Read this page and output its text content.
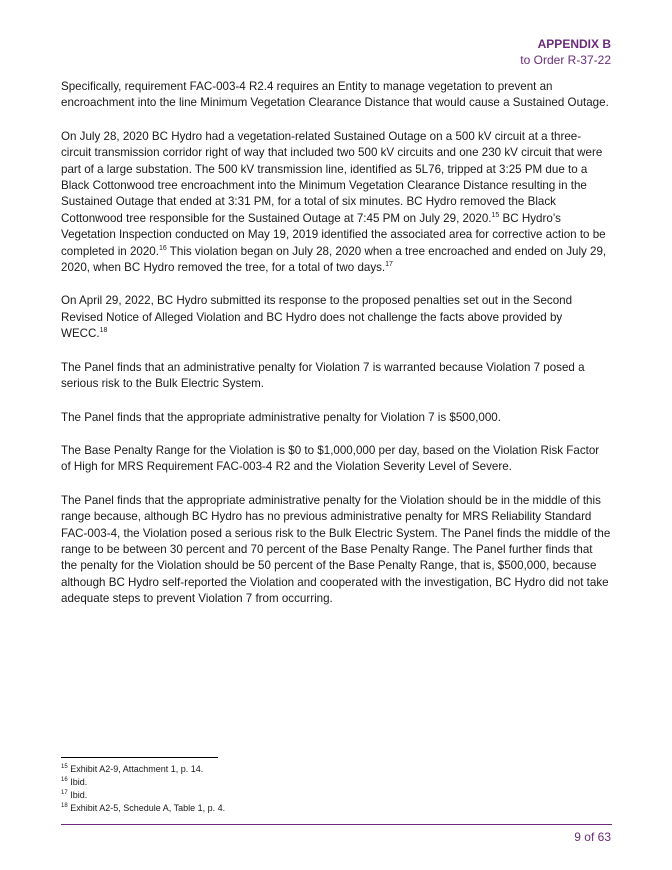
APPENDIX B
to Order R-37-22

Specifically, requirement FAC-003-4 R2.4 requires an Entity to manage vegetation to prevent an encroachment into the line Minimum Vegetation Clearance Distance that would cause a Sustained Outage.

On July 28, 2020 BC Hydro had a vegetation-related Sustained Outage on a 500 kV circuit at a three-circuit transmission corridor right of way that included two 500 kV circuits and one 230 kV circuit that were part of a large substation. The 500 kV transmission line, identified as 5L76, tripped at 3:25 PM due to a Black Cottonwood tree encroachment into the Minimum Vegetation Clearance Distance resulting in the Sustained Outage that ended at 3:31 PM, for a total of six minutes. BC Hydro removed the Black Cottonwood tree responsible for the Sustained Outage at 7:45 PM on July 29, 2020.15 BC Hydro’s Vegetation Inspection conducted on May 19, 2019 identified the associated area for corrective action to be completed in 2020.16 This violation began on July 28, 2020 when a tree encroached and ended on July 29, 2020, when BC Hydro removed the tree, for a total of two days.$^{17}$

On April 29, 2022, BC Hydro submitted its response to the proposed penalties set out in the Second Revised Notice of Alleged Violation and BC Hydro does not challenge the facts above provided by WECC.$^{18}$

The Panel finds that an administrative penalty for Violation 7 is warranted because Violation 7 posed a serious risk to the Bulk Electric System.

The Panel finds that the appropriate administrative penalty for Violation 7 is $500,000.

The Base Penalty Range for the Violation is $0 to $1,000,000 per day, based on the Violation Risk Factor of High for MRS Requirement FAC-003-4 R2 and the Violation Severity Level of Severe.

The Panel finds that the appropriate administrative penalty for the Violation should be in the middle of this range because, although BC Hydro has no previous administrative penalty for MRS Reliability Standard FAC-003-4, the Violation posed a serious risk to the Bulk Electric System. The Panel finds the middle of the range to be between 30 percent and 70 percent of the Base Penalty Range. The Panel further finds that the penalty for the Violation should be 50 percent of the Base Penalty Range, that is, $500,000, because although BC Hydro self-reported the Violation and cooperated with the investigation, BC Hydro did not take adequate steps to prevent Violation 7 from occurring.

$^{15}$ Exhibit A2-9, Attachment 1, p. 14.
$^{16}$ Ibid.
$^{17}$ Ibid.
$^{18}$ Exhibit A2-5, Schedule A, Table 1, p. 4.
9 of 63
